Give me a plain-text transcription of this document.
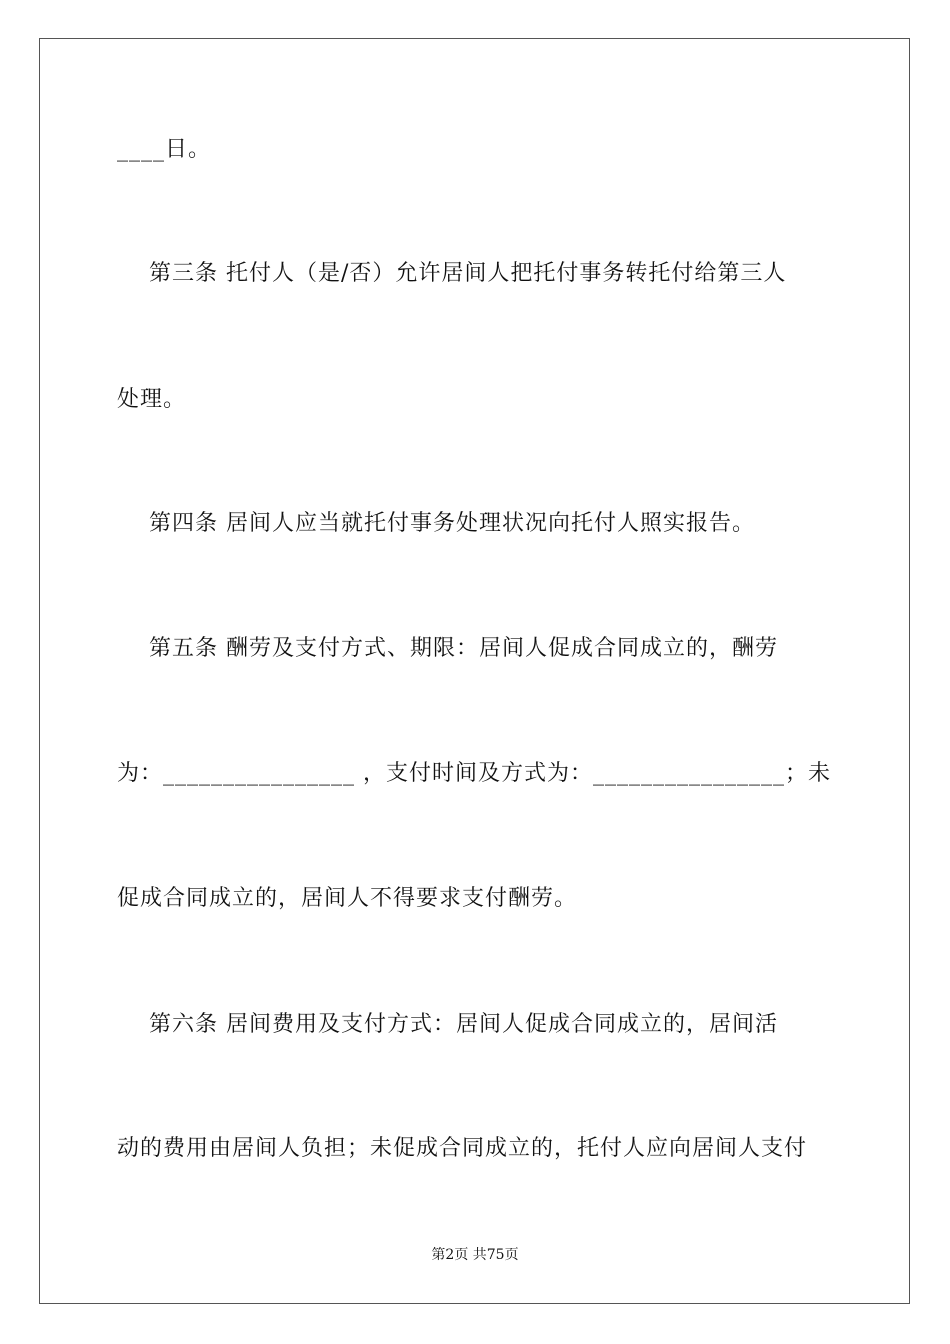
____日。
第三条 托付人（是/否）允许居间人把托付事务转托付给第三人
处理。
第四条 居间人应当就托付事务处理状况向托付人照实报告。
第五条 酬劳及支付方式、期限：居间人促成合同成立的，酬劳
为：________________ ，支付时间及方式为：________________；未
促成合同成立的，居间人不得要求支付酬劳。
第六条 居间费用及支付方式：居间人促成合同成立的，居间活
动的费用由居间人负担；未促成合同成立的，托付人应向居间人支付
第2页 共75页
